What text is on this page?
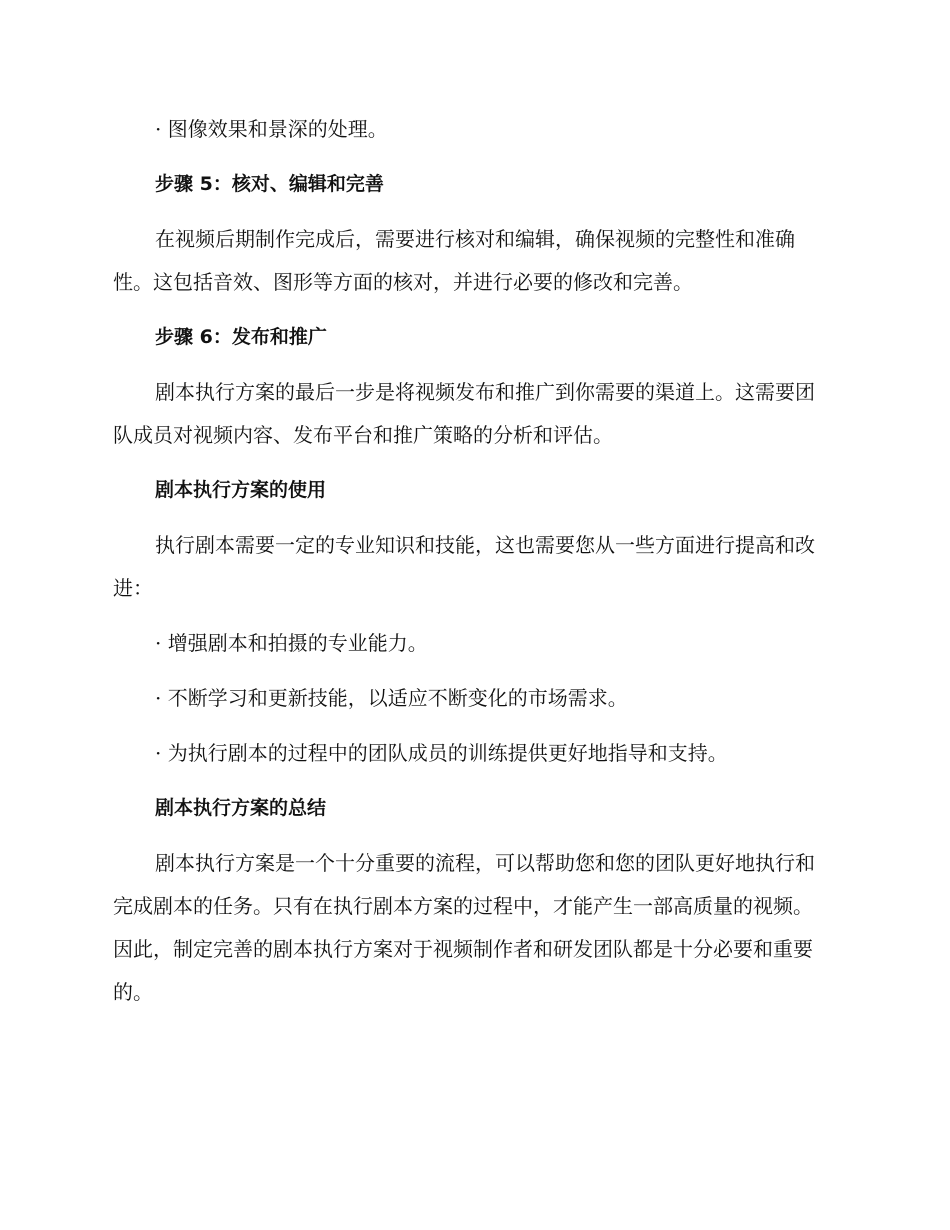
· 图像效果和景深的处理。

步骤 5：核对、编辑和完善

在视频后期制作完成后，需要进行核对和编辑，确保视频的完整性和准确性。这包括音效、图形等方面的核对，并进行必要的修改和完善。

步骤 6：发布和推广

剧本执行方案的最后一步是将视频发布和推广到你需要的渠道上。这需要团队成员对视频内容、发布平台和推广策略的分析和评估。

剧本执行方案的使用

执行剧本需要一定的专业知识和技能，这也需要您从一些方面进行提高和改进：

· 增强剧本和拍摄的专业能力。

· 不断学习和更新技能，以适应不断变化的市场需求。

· 为执行剧本的过程中的团队成员的训练提供更好地指导和支持。

剧本执行方案的总结

剧本执行方案是一个十分重要的流程，可以帮助您和您的团队更好地执行和完成剧本的任务。只有在执行剧本方案的过程中，才能产生一部高质量的视频。因此，制定完善的剧本执行方案对于视频制作者和研发团队都是十分必要和重要的。
